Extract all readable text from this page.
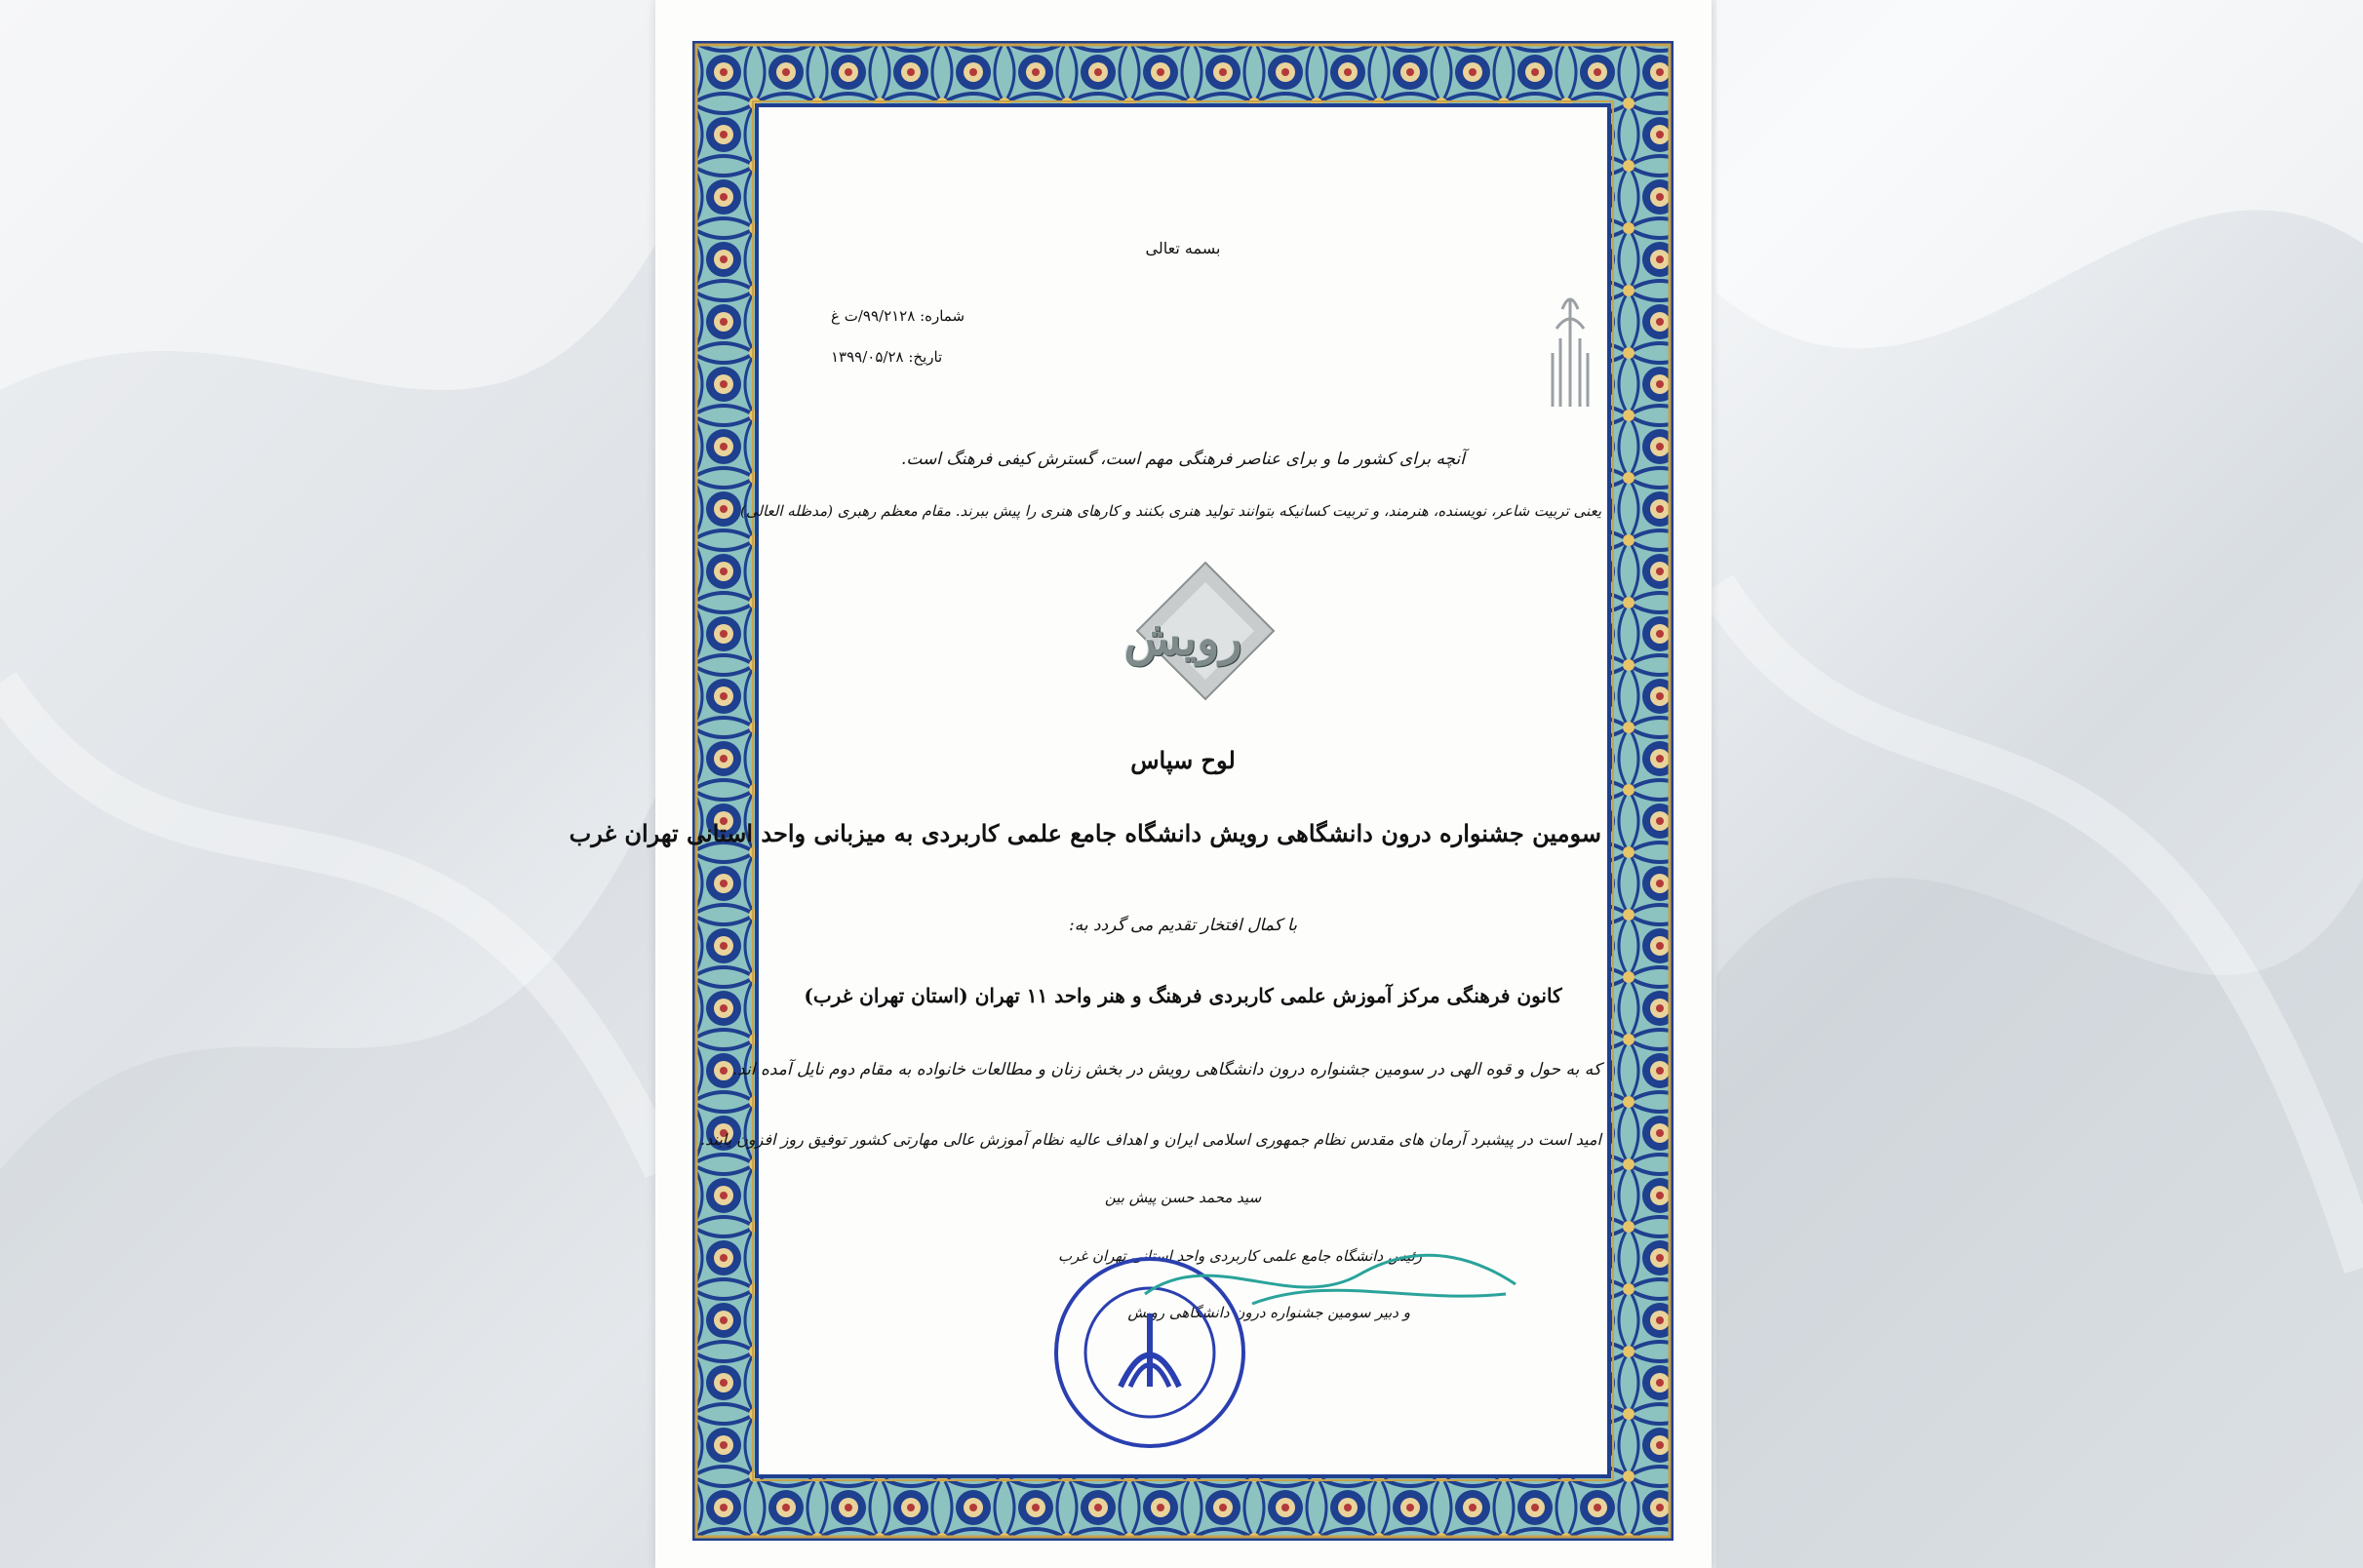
بسمه تعالی
شماره: ۹۹/۲۱۲۸/ت غ
تاریخ: ۱۳۹۹/۰۵/۲۸
آنچه برای کشور ما و برای عناصر فرهنگی مهم است، گسترش کیفی فرهنگ است.
یعنی تربیت شاعر، نویسنده، هنرمند، و تربیت کسانیکه بتوانند تولید هنری بکنند و کارهای هنری را پیش ببرند. مقام معظم رهبری (مدظله العالی)
رویش
لوح سپاس
سومین جشنواره درون دانشگاهی رویش دانشگاه جامع علمی کاربردی به میزبانی واحد استانی تهران غرب
با کمال افتخار تقدیم می گردد به:
کانون فرهنگی مرکز آموزش علمی کاربردی فرهنگ و هنر واحد ۱۱ تهران (استان تهران غرب)
که به حول و قوه الهی در سومین جشنواره درون دانشگاهی رویش در بخش زنان و مطالعات خانواده به مقام دوم نایل آمده اند.
امید است در پیشبرد آرمان های مقدس نظام جمهوری اسلامی ایران و اهداف عالیه نظام آموزش عالی مهارتی کشور توفیق روز افزون یابند.
سید محمد حسن پیش بین
رئیس دانشگاه جامع علمی کاربردی واحد استانی تهران غرب
و دبیر سومین جشنواره درون دانشگاهی رویش
